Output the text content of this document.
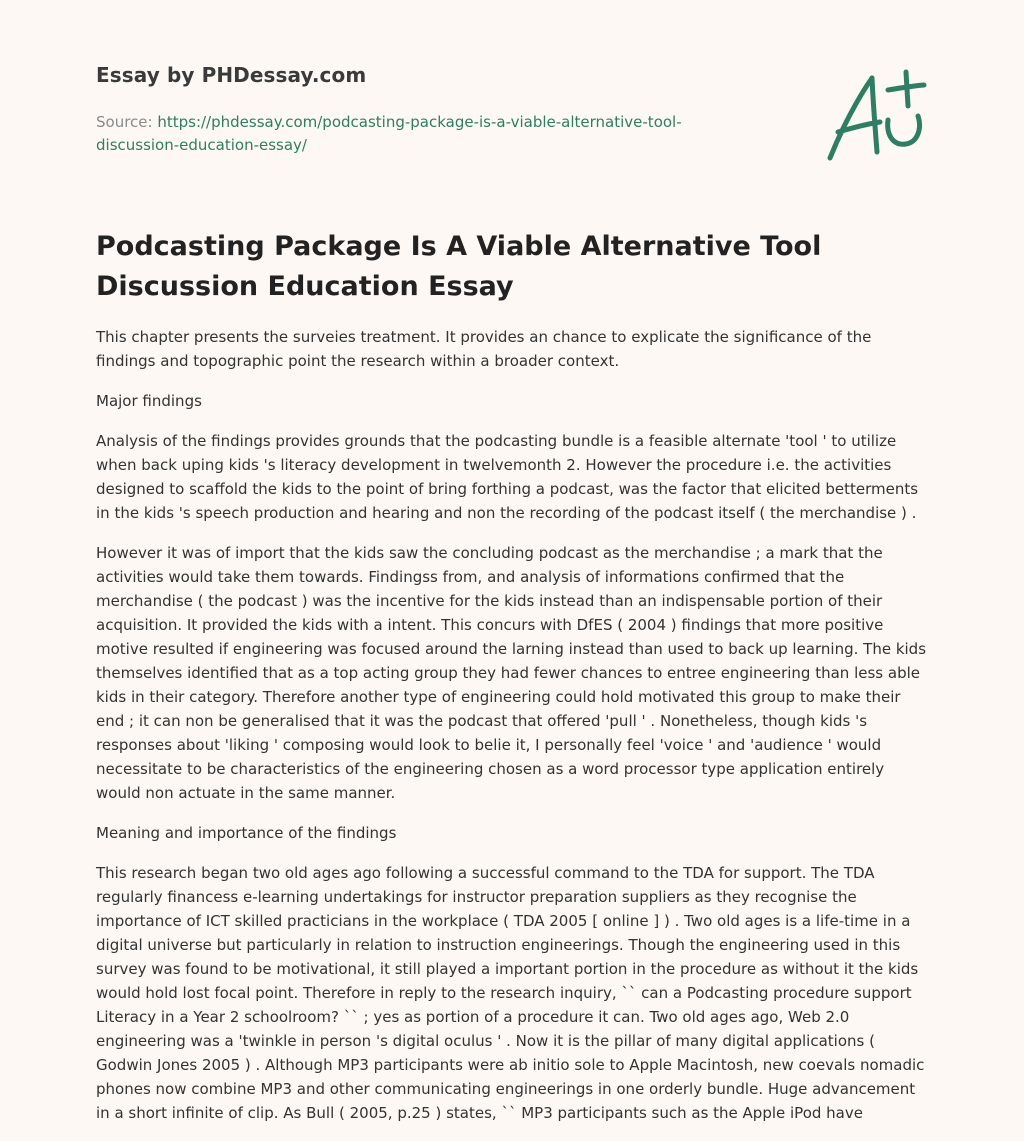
Essay by PHDessay.com
Source: https://phdessay.com/podcasting-package-is-a-viable-alternative-tool-discussion-education-essay/
Podcasting Package Is A Viable Alternative Tool Discussion Education Essay

This chapter presents the surveies treatment. It provides an chance to explicate the significance of the findings and topographic point the research within a broader context.

Major findings

Analysis of the findings provides grounds that the podcasting bundle is a feasible alternate 'tool ' to utilize when back uping kids 's literacy development in twelvemonth 2. However the procedure i.e. the activities designed to scaffold the kids to the point of bring forthing a podcast, was the factor that elicited betterments in the kids 's speech production and hearing and non the recording of the podcast itself ( the merchandise ) .

However it was of import that the kids saw the concluding podcast as the merchandise ; a mark that the activities would take them towards. Findingss from, and analysis of informations confirmed that the merchandise ( the podcast ) was the incentive for the kids instead than an indispensable portion of their acquisition. It provided the kids with a intent. This concurs with DfES ( 2004 ) findings that more positive motive resulted if engineering was focused around the larning instead than used to back up learning. The kids themselves identified that as a top acting group they had fewer chances to entree engineering than less able kids in their category. Therefore another type of engineering could hold motivated this group to make their end ; it can non be generalised that it was the podcast that offered 'pull ' . Nonetheless, though kids 's responses about 'liking ' composing would look to belie it, I personally feel 'voice ' and 'audience ' would necessitate to be characteristics of the engineering chosen as a word processor type application entirely would non actuate in the same manner.

Meaning and importance of the findings

This research began two old ages ago following a successful command to the TDA for support. The TDA regularly financess e-learning undertakings for instructor preparation suppliers as they recognise the importance of ICT skilled practicians in the workplace ( TDA 2005 [ online ] ) . Two old ages is a life-time in a digital universe but particularly in relation to instruction engineerings. Though the engineering used in this survey was found to be motivational, it still played a important portion in the procedure as without it the kids would hold lost focal point. Therefore in reply to the research inquiry, `` can a Podcasting procedure support Literacy in a Year 2 schoolroom? `` ; yes as portion of a procedure it can. Two old ages ago, Web 2.0 engineering was a 'twinkle in person 's digital oculus ' . Now it is the pillar of many digital applications ( Godwin Jones 2005 ) . Although MP3 participants were ab initio sole to Apple Macintosh, new coevals nomadic phones now combine MP3 and other communicating engineerings in one orderly bundle. Huge advancement in a short infinite of clip. As Bull ( 2005, p.25 ) states, `` MP3 participants such as the Apple iPod have
